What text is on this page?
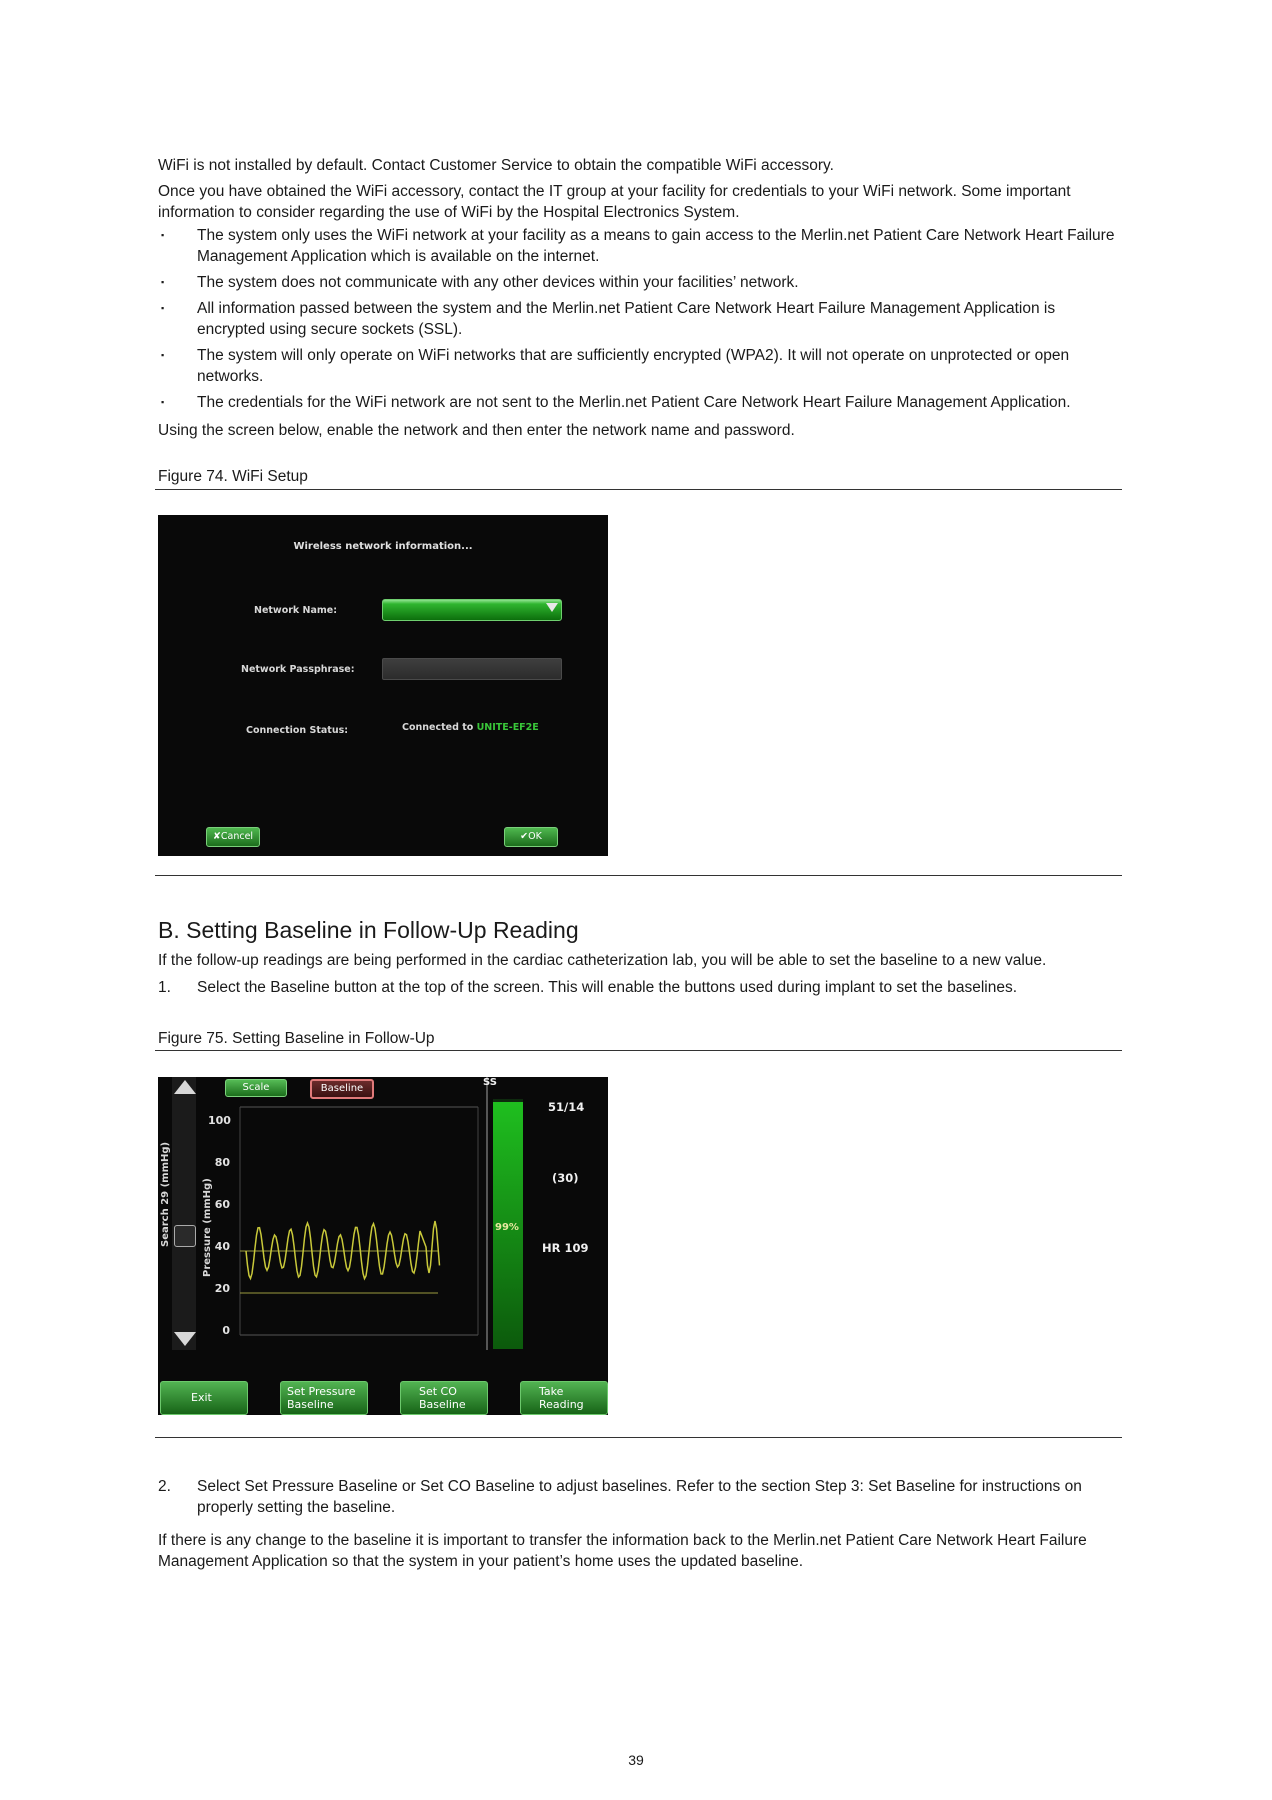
WiFi is not installed by default. Contact Customer Service to obtain the compatible WiFi accessory.
Once you have obtained the WiFi accessory, contact the IT group at your facility for credentials to your WiFi network. Some important information to consider regarding the use of WiFi by the Hospital Electronics System.
▪ The system only uses the WiFi network at your facility as a means to gain access to the Merlin.net Patient Care Network Heart Failure Management Application which is available on the internet.
▪ The system does not communicate with any other devices within your facilities’ network.
▪ All information passed between the system and the Merlin.net Patient Care Network Heart Failure Management Application is encrypted using secure sockets (SSL).
▪ The system will only operate on WiFi networks that are sufficiently encrypted (WPA2). It will not operate on unprotected or open networks.
▪ The credentials for the WiFi network are not sent to the Merlin.net Patient Care Network Heart Failure Management Application.
Using the screen below, enable the network and then enter the network name and password.
Figure 74. WiFi Setup
Wireless network information...
Network Name:
Network Passphrase:
Connection Status:	Connected to UNITE-EF2E
✘Cancel	✔OK
B. Setting Baseline in Follow-Up Reading
If the follow-up readings are being performed in the cardiac catheterization lab, you will be able to set the baseline to a new value.
1. Select the Baseline button at the top of the screen. This will enable the buttons used during implant to set the baselines.
Figure 75. Setting Baseline in Follow-Up
Search 29 (mmHg)	Pressure (mmHg)
Scale	Baseline
100
80
60
40
20
0
SS
99%
51/14
(30)
HR 109
Exit	Set Pressure
Baseline
Set CO
Baseline
Take
Reading
2. Select Set Pressure Baseline or Set CO Baseline to adjust baselines. Refer to the section Step 3: Set Baseline for instructions on properly setting the baseline.
If there is any change to the baseline it is important to transfer the information back to the Merlin.net Patient Care Network Heart Failure Management Application so that the system in your patient’s home uses the updated baseline.
39
